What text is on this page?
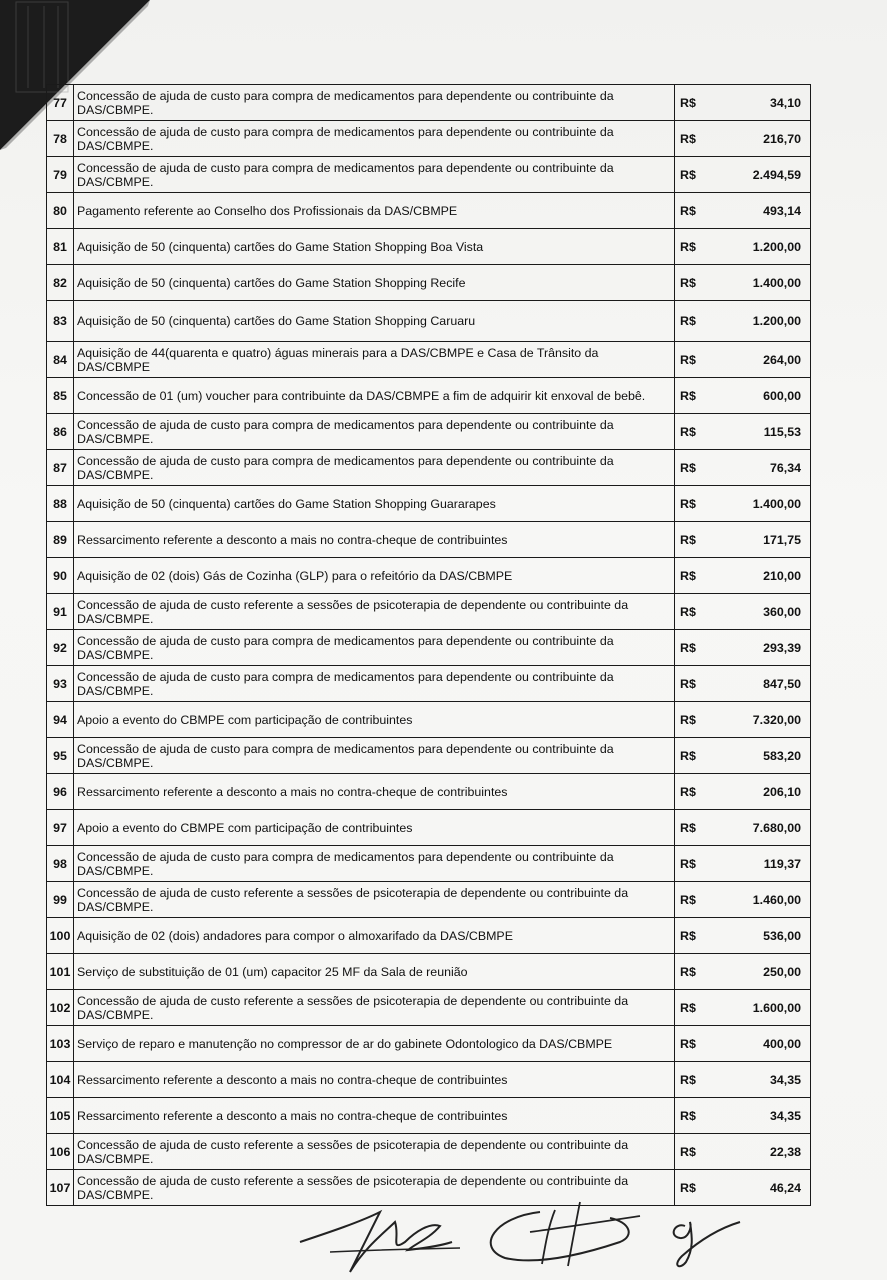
77	Concessão de ajuda de custo para compra de medicamentos para dependente ou contribuinte da DAS/CBMPE.	R$	34,10
78	Concessão de ajuda de custo para compra de medicamentos para dependente ou contribuinte da DAS/CBMPE.	R$	216,70
79	Concessão de ajuda de custo para compra de medicamentos para dependente ou contribuinte da DAS/CBMPE.	R$	2.494,59
80	Pagamento referente ao Conselho dos Profissionais da DAS/CBMPE	R$	493,14
81	Aquisição de 50 (cinquenta) cartões do Game Station Shopping Boa Vista	R$	1.200,00
82	Aquisição de 50 (cinquenta) cartões do Game Station Shopping Recife	R$	1.400,00
83	Aquisição de 50 (cinquenta) cartões do Game Station Shopping Caruaru	R$	1.200,00
84	Aquisição de 44(quarenta e quatro) águas minerais para a DAS/CBMPE e Casa de Trânsito da DAS/CBMPE	R$	264,00
85	Concessão de 01 (um) voucher para contribuinte da DAS/CBMPE a fim de adquirir kit enxoval de bebê.	R$	600,00
86	Concessão de ajuda de custo para compra de medicamentos para dependente ou contribuinte da DAS/CBMPE.	R$	115,53
87	Concessão de ajuda de custo para compra de medicamentos para dependente ou contribuinte da DAS/CBMPE.	R$	76,34
88	Aquisição de 50 (cinquenta) cartões do Game Station Shopping Guararapes	R$	1.400,00
89	Ressarcimento referente a desconto a mais no contra-cheque de contribuintes	R$	171,75
90	Aquisição de 02 (dois) Gás de Cozinha (GLP) para o refeitório da DAS/CBMPE	R$	210,00
91	Concessão de ajuda de custo referente a sessões de psicoterapia de dependente ou contribuinte da DAS/CBMPE.	R$	360,00
92	Concessão de ajuda de custo para compra de medicamentos para dependente ou contribuinte da DAS/CBMPE.	R$	293,39
93	Concessão de ajuda de custo para compra de medicamentos para dependente ou contribuinte da DAS/CBMPE.	R$	847,50
94	Apoio a evento do CBMPE com participação de contribuintes	R$	7.320,00
95	Concessão de ajuda de custo para compra de medicamentos para dependente ou contribuinte da DAS/CBMPE.	R$	583,20
96	Ressarcimento referente a desconto a mais no contra-cheque de contribuintes	R$	206,10
97	Apoio a evento do CBMPE com participação de contribuintes	R$	7.680,00
98	Concessão de ajuda de custo para compra de medicamentos para dependente ou contribuinte da DAS/CBMPE.	R$	119,37
99	Concessão de ajuda de custo referente a sessões de psicoterapia de dependente ou contribuinte da DAS/CBMPE.	R$	1.460,00
100	Aquisição de 02 (dois) andadores para compor o almoxarifado da DAS/CBMPE	R$	536,00
101	Serviço de substituição de 01 (um) capacitor 25 MF da Sala de reunião	R$	250,00
102	Concessão de ajuda de custo referente a sessões de psicoterapia de dependente ou contribuinte da DAS/CBMPE.	R$	1.600,00
103	Serviço de reparo e manutenção no compressor de ar do gabinete Odontologico da DAS/CBMPE	R$	400,00
104	Ressarcimento referente a desconto a mais no contra-cheque de contribuintes	R$	34,35
105	Ressarcimento referente a desconto a mais no contra-cheque de contribuintes	R$	34,35
106	Concessão de ajuda de custo referente a sessões de psicoterapia de dependente ou contribuinte da DAS/CBMPE.	R$	22,38
107	Concessão de ajuda de custo referente a sessões de psicoterapia de dependente ou contribuinte da DAS/CBMPE.	R$	46,24
